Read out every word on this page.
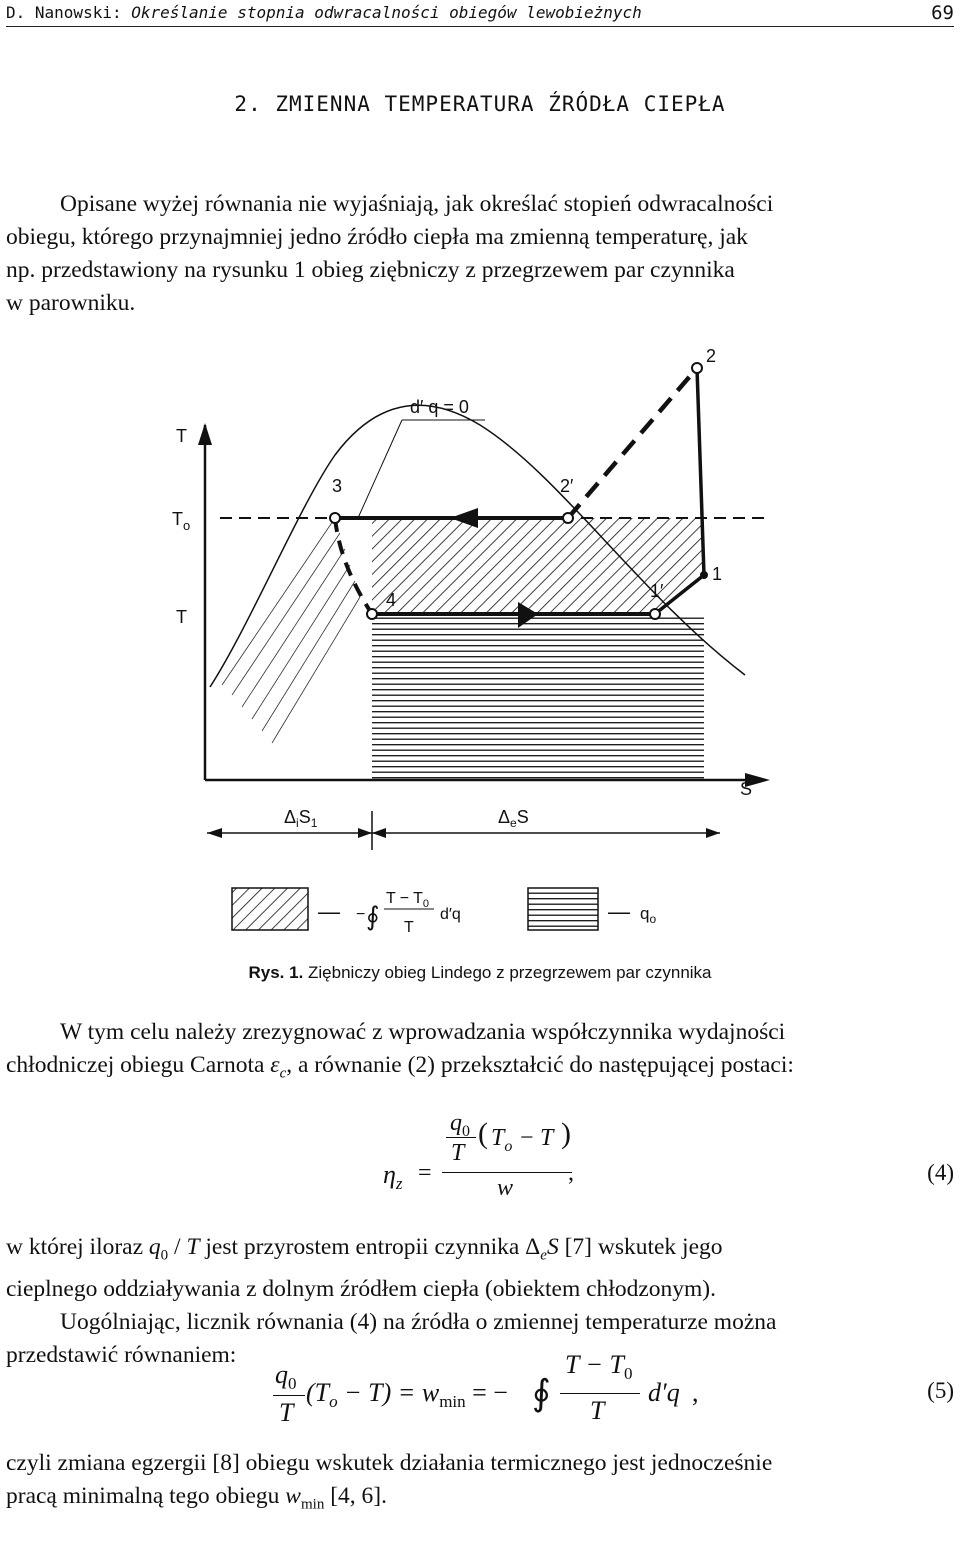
D. Nanowski: Określanie stopnia odwracalności obiegów lewobieżnych	69
2. ZMIENNA TEMPERATURA ŹRÓDŁA CIEPŁA
Opisane wyżej równania nie wyjaśniają, jak określać stopień odwracalności
obiegu, którego przynajmniej jedno źródło ciepła ma zmienną temperaturę, jak
np. przedstawiony na rysunku 1 obieg ziębniczy z przegrzewem par czynnika
w parowniku.
T
S
$T_o$
T
d′ q = 0
2
2′
3
4
1
1′
$\Delta_iS_1$	$\Delta_eS$
— − ∮
$T - T_0$
T
d′q	— $q_o$
Rys. 1. Ziębniczy obieg Lindego z przegrzewem par czynnika
W tym celu należy zrezygnować z wprowadzania współczynnika wydajności
chłodniczej obiegu Carnota $\varepsilon_c$, a równanie (2) przekształcić do następującej postaci:
$\eta_z$ =
$q_0$
T
( $T_o - T$ )
w
,	(4)
w której iloraz $q_0$ / T jest przyrostem entropii czynnika $\Delta_eS$ [7] wskutek jego
cieplnego oddziaływania z dolnym źródłem ciepła (obiektem chłodzonym).
Uogólniając, licznik równania (4) na źródła o zmiennej temperaturze można
przedstawić równaniem:
$q_0$
T
$(T_o - T) = w_{min}$ = − ∮
$T - T_0$
T
d′q ,	(5)
czyli zmiana egzergii [8] obiegu wskutek działania termicznego jest jednocześnie
pracą minimalną tego obiegu $w_{min}$ [4, 6].
